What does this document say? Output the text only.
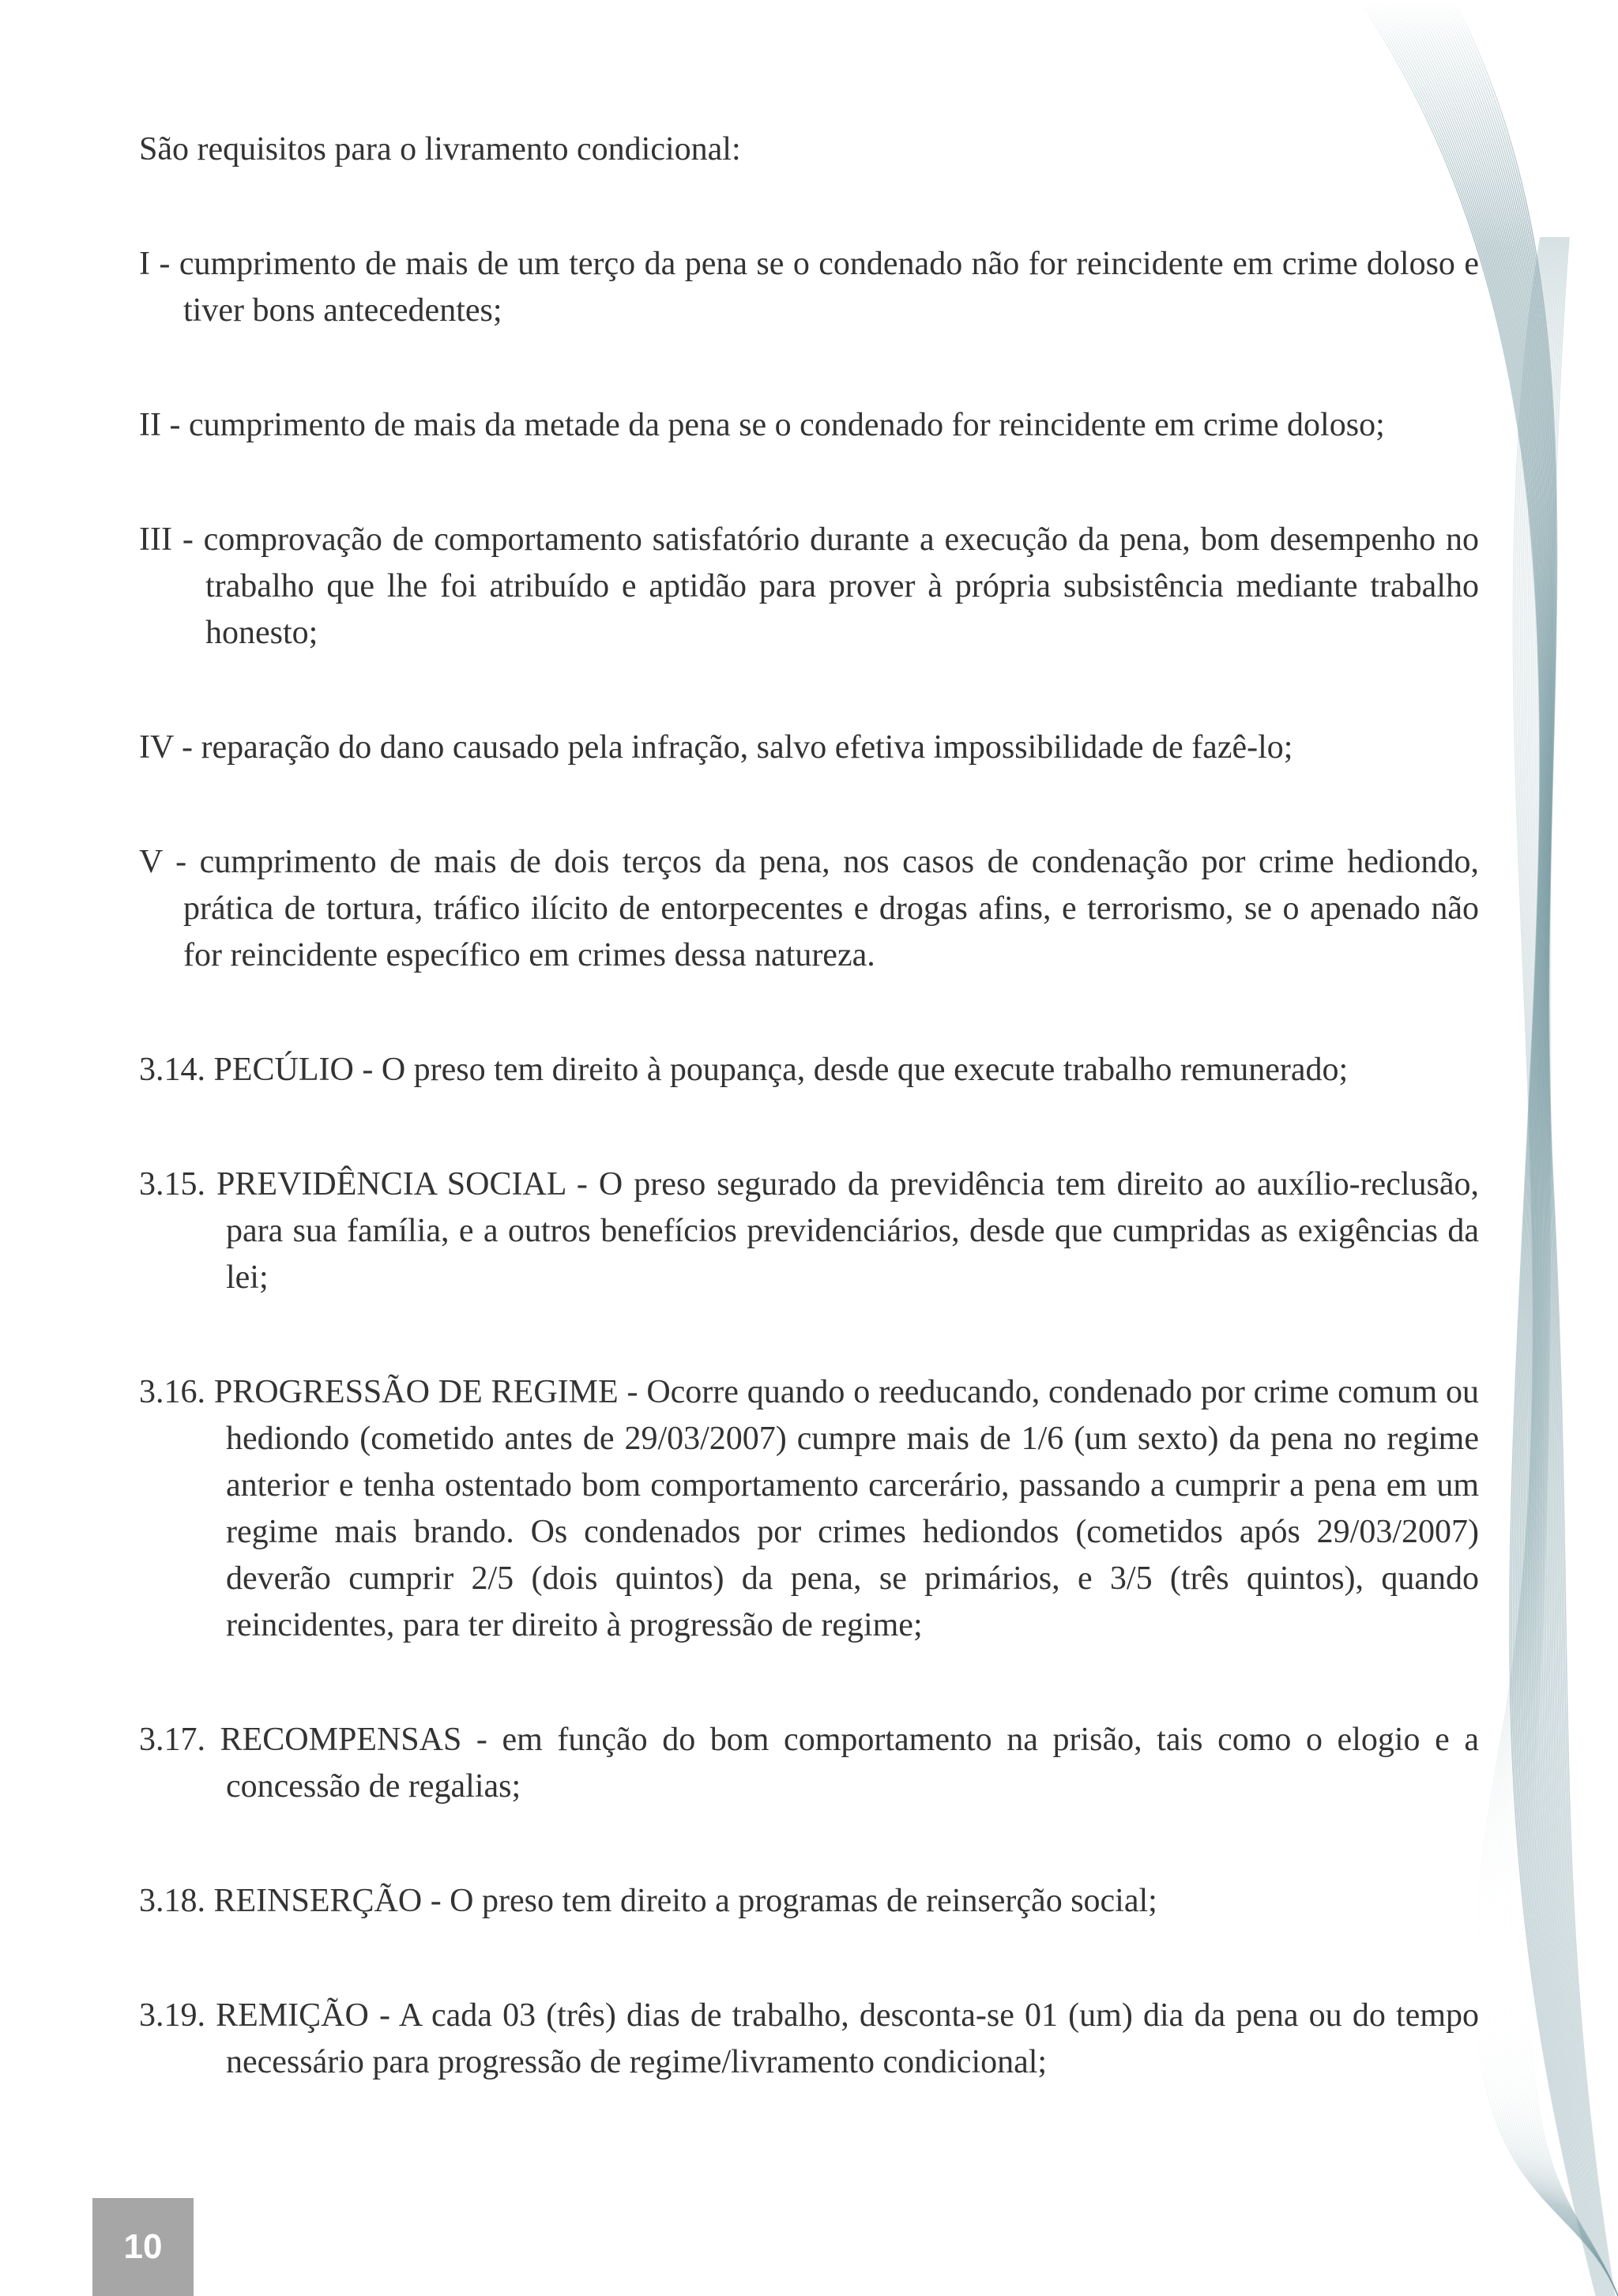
São requisitos para o livramento condicional:

I - cumprimento de mais de um terço da pena se o condenado não for reincidente em crime doloso e tiver bons antecedentes;

II - cumprimento de mais da metade da pena se o condenado for reincidente em crime doloso;

III - comprovação de comportamento satisfatório durante a execução da pena, bom desempenho no trabalho que lhe foi atribuído e aptidão para prover à própria subsistência mediante trabalho honesto;

IV - reparação do dano causado pela infração, salvo efetiva impossibilidade de fazê-lo;

V - cumprimento de mais de dois terços da pena, nos casos de condenação por crime hediondo, prática de tortura, tráfico ilícito de entorpecentes e drogas afins, e terrorismo, se o apenado não for reincidente específico em crimes dessa natureza.

3.14. PECÚLIO - O preso tem direito à poupança, desde que execute trabalho remunerado;

3.15. PREVIDÊNCIA SOCIAL - O preso segurado da previdência tem direito ao auxílio-reclusão, para sua família, e a outros benefícios previdenciários, desde que cumpridas as exigências da lei;

3.16. PROGRESSÃO DE REGIME - Ocorre quando o reeducando, condenado por crime comum ou hediondo (cometido antes de 29/03/2007) cumpre mais de 1/6 (um sexto) da pena no regime anterior e tenha ostentado bom comportamento carcerário, passando a cumprir a pena em um regime mais brando. Os condenados por crimes hediondos (cometidos após 29/03/2007) deverão cumprir 2/5 (dois quintos) da pena, se primários, e 3/5 (três quintos), quando reincidentes, para ter direito à progressão de regime;

3.17. RECOMPENSAS - em função do bom comportamento na prisão, tais como o elogio e a concessão de regalias;

3.18. REINSERÇÃO - O preso tem direito a programas de reinserção social;

3.19. REMIÇÃO - A cada 03 (três) dias de trabalho, desconta-se 01 (um) dia da pena ou do tempo necessário para progressão de regime/livramento condicional;

10
